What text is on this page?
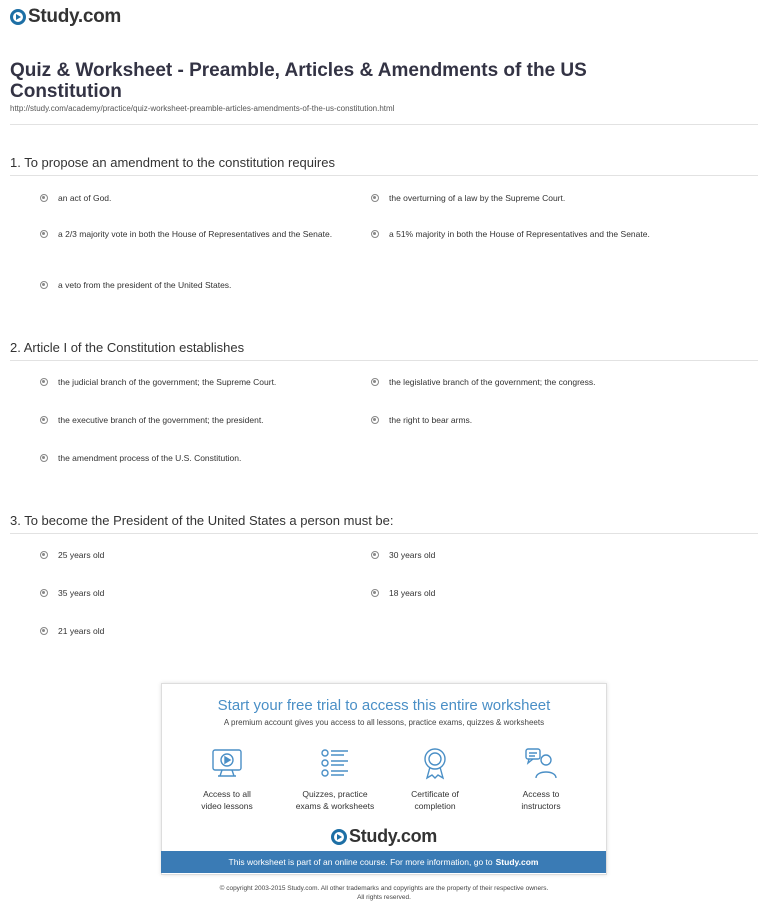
Study.com
Quiz & Worksheet - Preamble, Articles & Amendments of the US Constitution
http://study.com/academy/practice/quiz-worksheet-preamble-articles-amendments-of-the-us-constitution.html

1. To propose an amendment to the constitution requires

an act of God.	the overturning of a law by the Supreme Court.
a 2/3 majority vote in both the House of Representatives and the Senate.	a 51% majority in both the House of Representatives and the Senate.
a veto from the president of the United States.

2. Article I of the Constitution establishes

the judicial branch of the government; the Supreme Court.	the legislative branch of the government; the congress.
the executive branch of the government; the president.	the right to bear arms.
the amendment process of the U.S. Constitution.

3. To become the President of the United States a person must be:

25 years old	30 years old
35 years old	18 years old
21 years old
Start your free trial to access this entire worksheet
A premium account gives you access to all lessons, practice exams, quizzes & worksheets
Access to all
video lessons
Quizzes, practice
exams & worksheets
Certificate of
completion
Access to
instructors
Study.com
This worksheet is part of an online course. For more information, go to Study.com
© copyright 2003-2015 Study.com. All other trademarks and copyrights are the property of their respective owners.
All rights reserved.
